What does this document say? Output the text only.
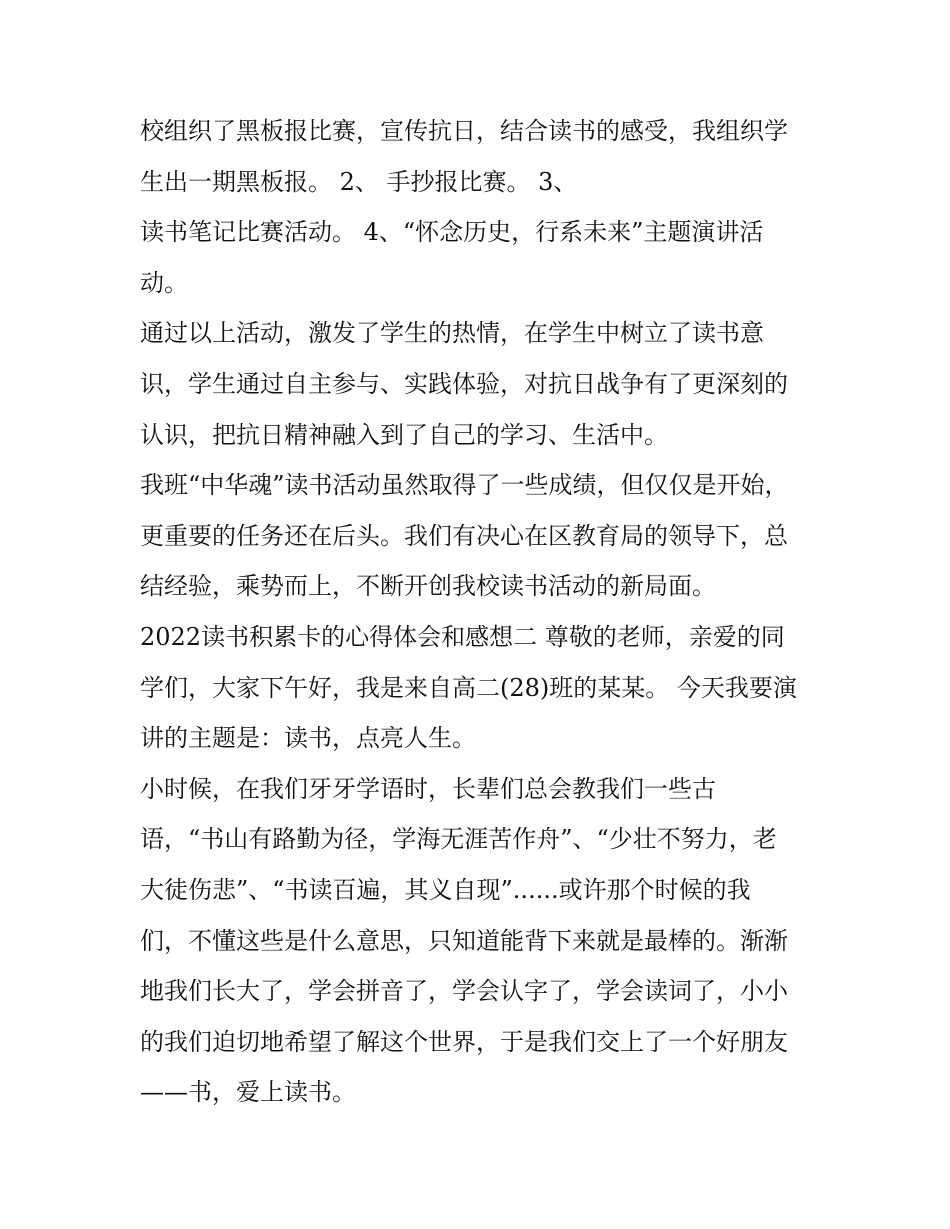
校组织了黑板报比赛，宣传抗日，结合读书的感受，我组织学
生出一期黑板报。 2、 手抄报比赛。 3、
读书笔记比赛活动。 4、“怀念历史，行系未来”主题演讲活
动。
通过以上活动，激发了学生的热情，在学生中树立了读书意
识，学生通过自主参与、实践体验，对抗日战争有了更深刻的
认识，把抗日精神融入到了自己的学习、生活中。
我班“中华魂”读书活动虽然取得了一些成绩，但仅仅是开始，
更重要的任务还在后头。我们有决心在区教育局的领导下，总
结经验，乘势而上，不断开创我校读书活动的新局面。
2022读书积累卡的心得体会和感想二 尊敬的老师，亲爱的同
学们，大家下午好，我是来自高二(28)班的某某。 今天我要演
讲的主题是：读书，点亮人生。
小时候，在我们牙牙学语时，长辈们总会教我们一些古
语，“书山有路勤为径，学海无涯苦作舟”、“少壮不努力，老
大徒伤悲”、“书读百遍，其义自现”......或许那个时候的我
们，不懂这些是什么意思，只知道能背下来就是最棒的。渐渐
地我们长大了，学会拼音了，学会认字了，学会读词了，小小
的我们迫切地希望了解这个世界，于是我们交上了一个好朋友
——书，爱上读书。
